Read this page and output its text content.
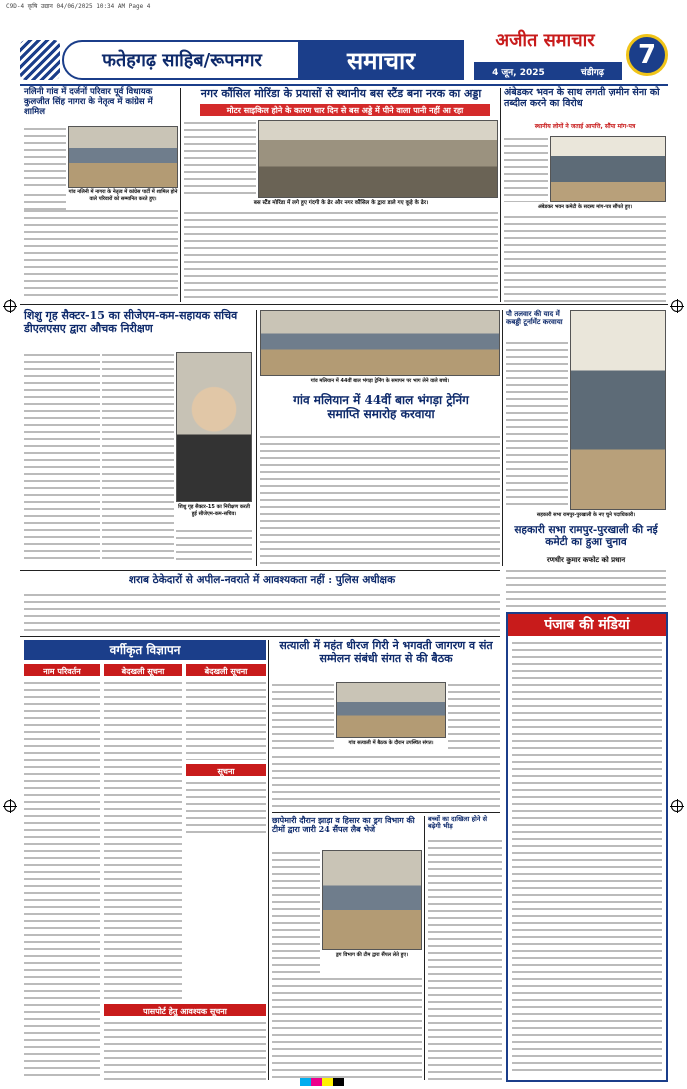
C9D-4 कृषि उद्यान 04/06/2025 10:34 AM Page 4
फतेहगढ़ साहिब/रूपनगर	समाचार
अजीत समाचार
4 जून, 2025	चंडीगढ़
7
नलिनी गांव में दर्जनों परिवार पूर्व विधायक कुलजीत सिंह नागरा के नेतृत्व में कांग्रेस में शामिल
गांव नलिनी में नागरा के नेतृत्व में कांग्रेस पार्टी में शामिल होने वाले परिवारों को सम्मानित करते हुए।
नगर कौंसिल मोरिंडा के प्रयासों से स्थानीय बस स्टैंड बना नरक का अड्डा
मोटर साइकिल होने के कारण चार दिन से बस अड्डे में पीने वाला पानी नहीं आ रहा
बस स्टैंड मोरिंडा में लगे हुए गंदगी के ढेर और नगर कौंसिल के द्वारा डाले गए कूड़े के ढेर।
अंबेडकर भवन के साथ लगती ज़मीन सेना को तब्दील करने का विरोध
स्थानीय लोगों ने जताई आपत्ति, सौंपा मांग-पत्र
अंबेडकर भवन कमेटी के सदस्य मांग-पत्र सौंपते हुए।
शिशु गृह सैक्टर-15 का सीजेएम-कम-सहायक सचिव डीएलएसए द्वारा औचक निरीक्षण
शिशु गृह सैक्टर-15 का निरीक्षण करती हुई सीजेएम-कम-सचिव।
गांव मलियान में 44वीं बाल भंगड़ा ट्रेनिंग के समापन पर भाग लेने वाले बच्चे।
गांव मलियान में 44वीं बाल भंगड़ा ट्रेनिंग समाप्ति समारोह करवाया
पौ तलवार की याद में कबड्डी टूर्नामेंट करवाया
सहकारी सभा रामपुर-पुरखाली के नए चुने पदाधिकारी।
सहकारी सभा रामपुर-पुरखाली की नई कमेटी का हुआ चुनाव
रणधीर कुमार कफोट को प्रधान
शराब ठेकेदारों से अपील-नवराते में आवश्यकता नहीं : पुलिस अधीक्षक
पंजाब की मंडियां
वर्गीकृत विज्ञापन
नाम परिवर्तन	बेदखली सूचना	बेदखली सूचना
सूचना
पासपोर्ट हेतु आवश्यक सूचना
सत्याली में महंत धीरज गिरी ने भगवती जागरण व संत सम्मेलन संबंधी संगत से की बैठक
गांव सत्याली में बैठक के दौरान उपस्थित संगत।
छापेमारी दौरान झाड़ा व हिसार का ड्रग विभाग की टीमों द्वारा जारी 24 सैंपल लैब भेजे
ड्रग विभाग की टीम द्वारा सैंपल लेते हुए।
बच्चों का दाखिला होने से बढ़ेगी भीड़
